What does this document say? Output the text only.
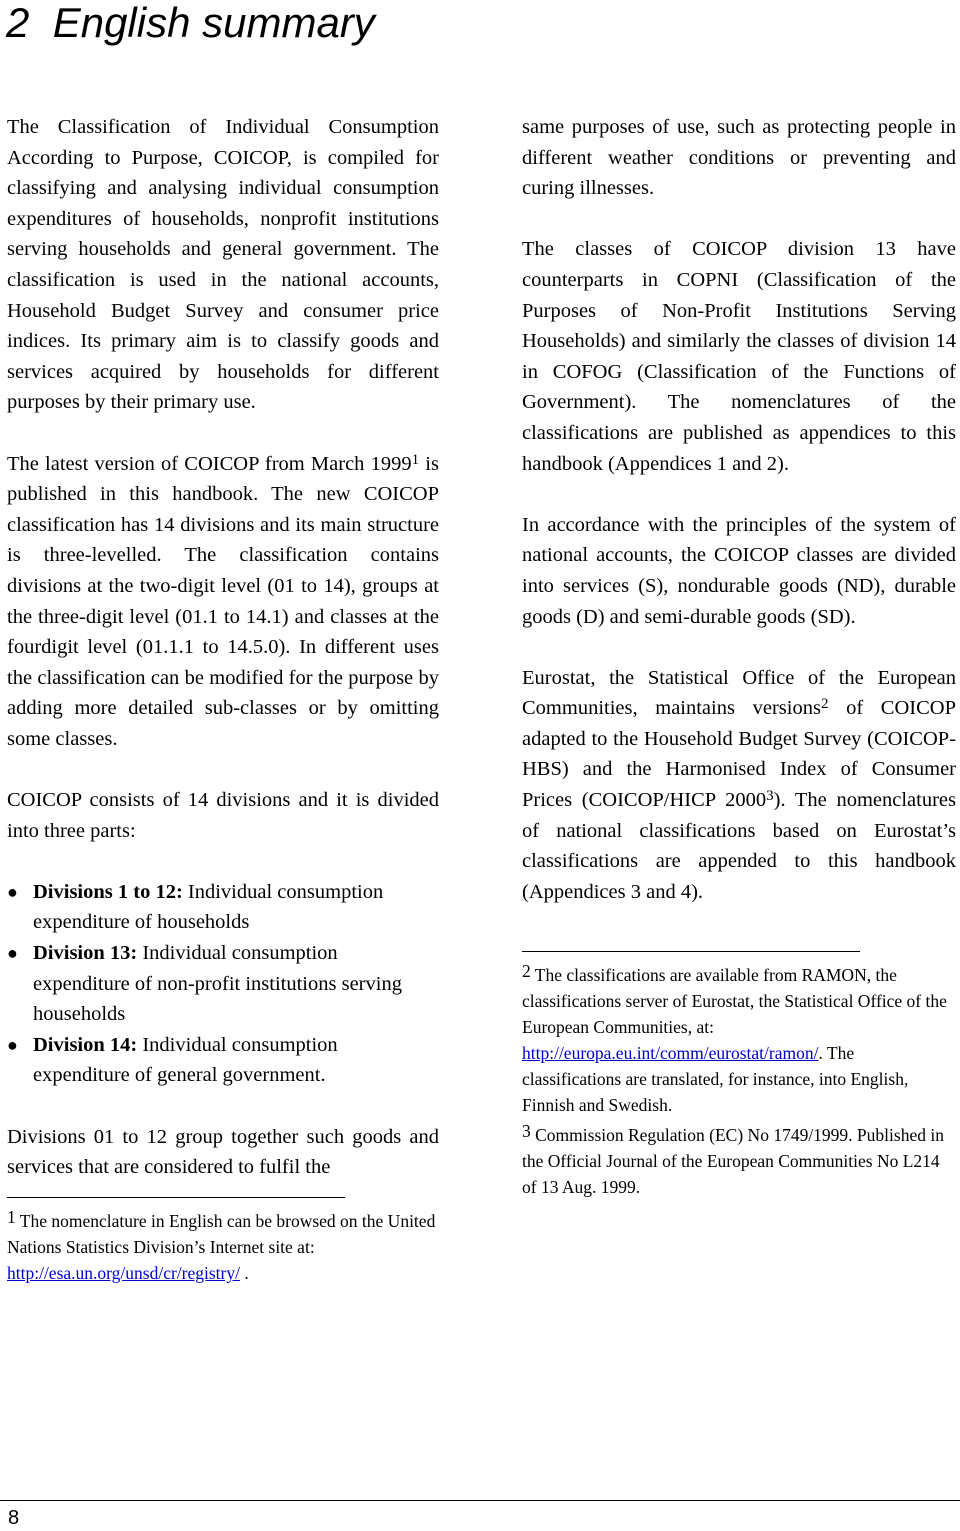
2 English summary

The Classification of Individual Consumption According to Purpose, COICOP, is compiled for classifying and analysing individual consumption expenditures of households, nonprofit institutions serving households and general government. The classification is used in the national accounts, Household Budget Survey and consumer price indices. Its primary aim is to classify goods and services acquired by households for different purposes by their primary use.

The latest version of COICOP from March 1999$^1$ is published in this handbook. The new COICOP classification has 14 divisions and its main structure is three-levelled. The classification contains divisions at the two-digit level (01 to 14), groups at the three-digit level (01.1 to 14.1) and classes at the fourdigit level (01.1.1 to 14.5.0). In different uses the classification can be modified for the purpose by adding more detailed sub-classes or by omitting some classes.

COICOP consists of 14 divisions and it is divided into three parts:

● Divisions 1 to 12: Individual consumption expenditure of households
● Division 13: Individual consumption expenditure of non-profit institutions serving households
● Division 14: Individual consumption expenditure of general government.

Divisions 01 to 12 group together such goods and services that are considered to fulfil the

$^1$ The nomenclature in English can be browsed on the United Nations Statistics Division’s Internet site at: http://esa.un.org/unsd/cr/registry/ .

same purposes of use, such as protecting people in different weather conditions or preventing and curing illnesses.

The classes of COICOP division 13 have counterparts in COPNI (Classification of the Purposes of Non-Profit Institutions Serving Households) and similarly the classes of division 14 in COFOG (Classification of the Functions of Government). The nomenclatures of the classifications are published as appendices to this handbook (Appendices 1 and 2).

In accordance with the principles of the system of national accounts, the COICOP classes are divided into services (S), nondurable goods (ND), durable goods (D) and semi-durable goods (SD).

Eurostat, the Statistical Office of the European Communities, maintains versions$^2$ of COICOP adapted to the Household Budget Survey (COICOP-HBS) and the Harmonised Index of Consumer Prices (COICOP/HICP 2000$^3$). The nomenclatures of national classifications based on Eurostat’s classifications are appended to this handbook (Appendices 3 and 4).

$^2$ The classifications are available from RAMON, the classifications server of Eurostat, the Statistical Office of the European Communities, at: http://europa.eu.int/comm/eurostat/ramon/. The classifications are translated, for instance, into English, Finnish and Swedish.

$^3$ Commission Regulation (EC) No 1749/1999. Published in the Official Journal of the European Communities No L214 of 13 Aug. 1999.

8
